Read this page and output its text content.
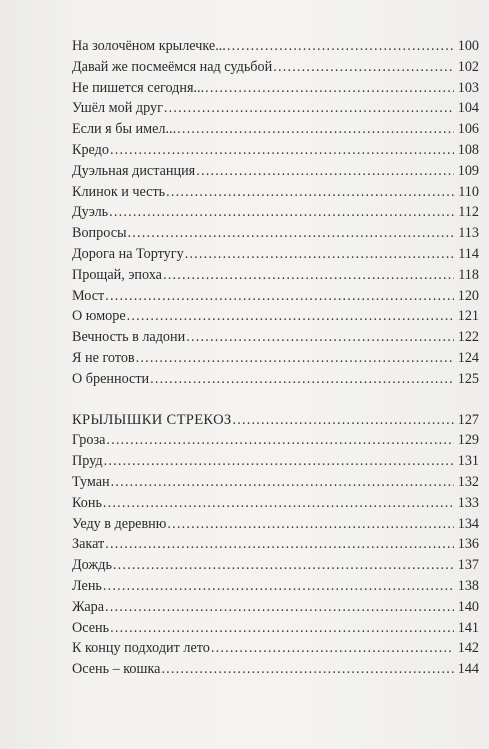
На золочёном крылечке... .....	100
Давай же посмеёмся над судьбой .....	102
Не пишется сегодня... .....	103
Ушёл мой друг .....	104
Если я бы имел... .....	106
Кредо .....	108
Дуэльная дистанция .....	109
Клинок и честь .....	110
Дуэль .....	112
Вопросы .....	113
Дорога на Тортугу .....	114
Прощай, эпоха .....	118
Мост .....	120
О юморе .....	121
Вечность в ладони .....	122
Я не готов .....	124
О бренности .....	125
КРЫЛЫШКИ СТРЕКОЗ .....	127
Гроза .....	129
Пруд .....	131
Туман .....	132
Конь .....	133
Уеду в деревню .....	134
Закат .....	136
Дождь .....	137
Лень .....	138
Жара .....	140
Осень .....	141
К концу подходит лето .....	142
Осень – кошка .....	144
